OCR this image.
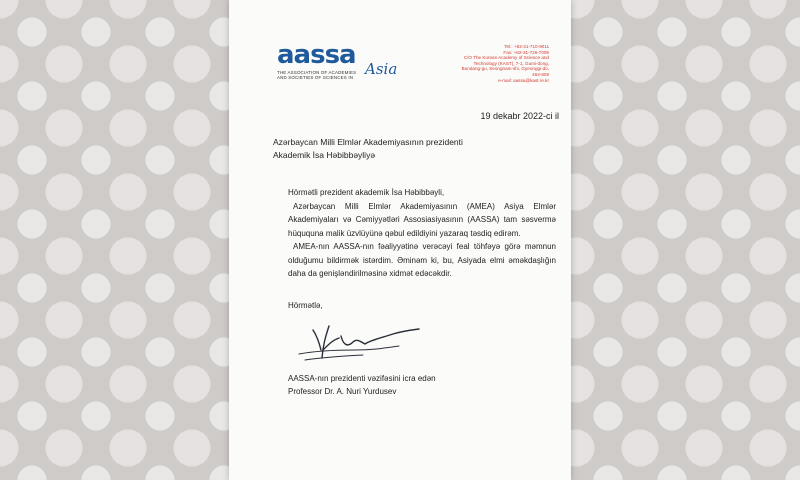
aassa
THE ASSOCIATION OF ACADEMIES
AND SOCIETIES OF SCIENCES IN Asia
Tel.: +82-31-710-9011
Fax: +82-31-726-7009
C/O The Korean Academy of Science and
Technology (KAST), 7-1, Gumi-dong,
Bundang-gu, Seongnam-shi, Gyeonggi-do,
463-808
e-mail: aassa@kast.re.kr
19 dekabr 2022-ci il
Azərbaycan Milli Elmlər Akademiyasının prezidenti
Akademik İsa Həbibbəyliyə

Hörmətli prezident akademik İsa Həbibbəyli,

Azərbaycan Milli Elmlər Akademiyasının (AMEA) Asiya Elmlər Akademiyaları və Cəmiyyətləri Assosiasiyasının (AASSA) tam səsvermə hüququna malik üzvlüyünə qəbul edildiyini yazaraq təsdiq edirəm.

AMEA-nın AASSA-nın fəaliyyətinə verəcəyi feal töhfəyə görə məmnun olduğumu bildirmək istərdim. Əminəm ki, bu, Asiyada elmi əməkdaşlığın daha da genişləndirilməsinə xidmət edəcəkdir.

Hörmətlə,
AASSA-nın prezidenti vəzifəsini icra edən
Professor Dr. A. Nuri Yurdusev
